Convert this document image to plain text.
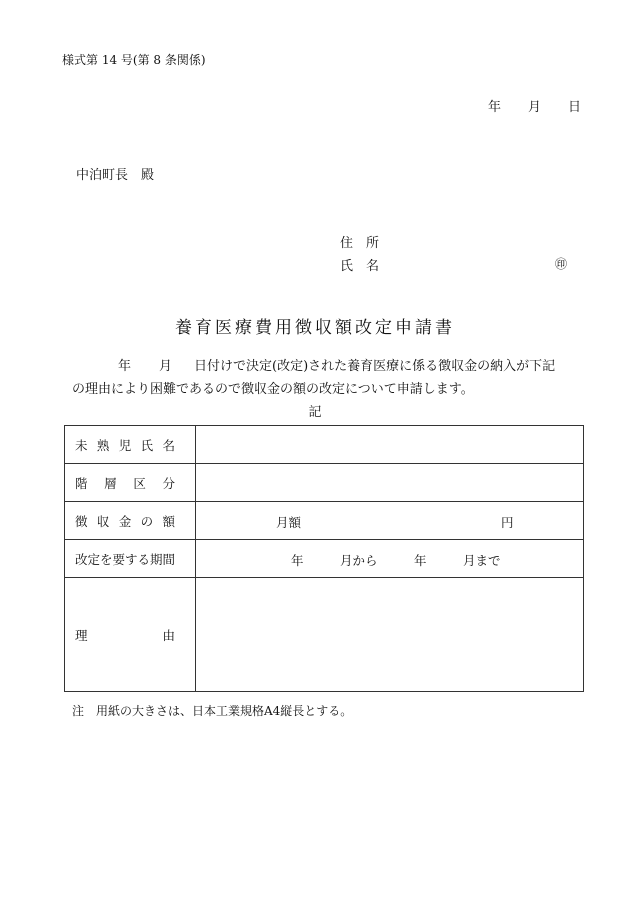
様式第 14 号(第 8 条関係)
年 月 日
中泊町長　殿
住　所
氏　名	㊞
養育医療費用徴収額改定申請書
年 月 日付けで決定(改定)された養育医療に係る徴収金の納入が下記
の理由により困難であるので徴収金の額の改定について申請します。
記
未 熟 児 氏 名	

階 層 区 分	

徴 収 金 の 額	月額 円

改定を要する期間	年 月から 年 月まで

理 由	

注　用紙の大きさは、日本工業規格A4縦長とする。
